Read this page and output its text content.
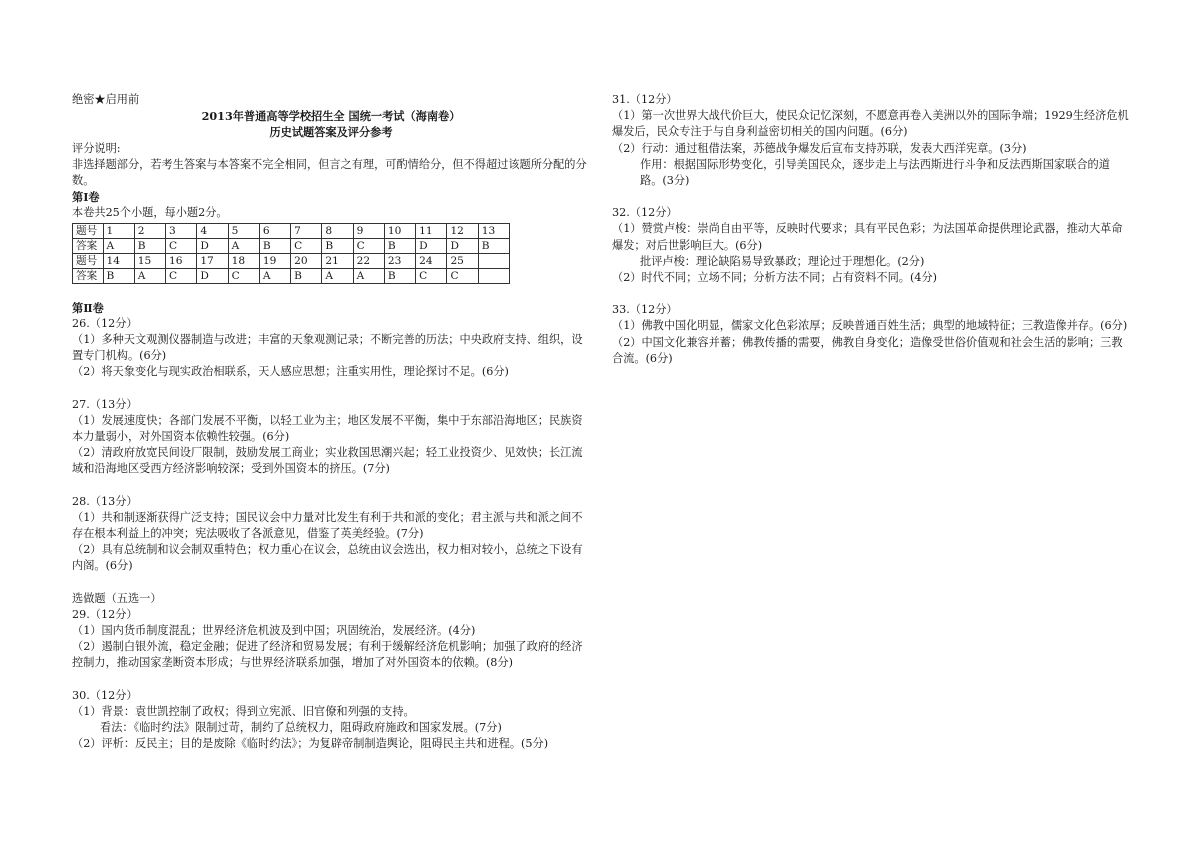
绝密★启用前

2013年普通高等学校招生全 国统一考试（海南卷）

历史试题答案及评分参考

评分说明:

非选择题部分，若考生答案与本答案不完全相同，但言之有理，可酌情给分，但不得超过该题所分配的分数。

第Ⅰ卷

本卷共25个小题，每小题2分。

题号	1	2	3	4	5	6	7	8	9	10	11	12	13
答案	A	B	C	D	A	B	C	B	C	B	D	D	B
题号	14	15	16	17	18	19	20	21	22	23	24	25	
答案	B	A	C	D	C	A	B	A	A	B	C	C	

第Ⅱ卷

26.（12分）

（1）多种天文观测仪器制造与改进；丰富的天象观测记录；不断完善的历法；中央政府支持、组织，设置专门机构。(6分)

（2）将天象变化与现实政治相联系，天人感应思想；注重实用性，理论探讨不足。(6分)

27.（13分）

（1）发展速度快；各部门发展不平衡，以轻工业为主；地区发展不平衡，集中于东部沿海地区；民族资本力量弱小，对外国资本依赖性较强。(6分)

（2）清政府放宽民间设厂限制，鼓励发展工商业；实业救国思潮兴起；轻工业投资少、见效快；长江流域和沿海地区受西方经济影响较深；受到外国资本的挤压。(7分)

28.（13分）

（1）共和制逐渐获得广泛支持；国民议会中力量对比发生有利于共和派的变化；君主派与共和派之间不存在根本利益上的冲突；宪法吸收了各派意见，借鉴了英美经验。(7分)

（2）具有总统制和议会制双重特色；权力重心在议会，总统由议会选出，权力相对较小，总统之下设有内阁。(6分)

选做题（五选一）

29.（12分）

（1）国内货币制度混乱；世界经济危机波及到中国；巩固统治，发展经济。(4分)

（2）遏制白银外流，稳定金融；促进了经济和贸易发展；有利于缓解经济危机影响；加强了政府的经济控制力，推动国家垄断资本形成；与世界经济联系加强，增加了对外国资本的依赖。(8分)

30.（12分）

（1）背景：袁世凯控制了政权；得到立宪派、旧官僚和列强的支持。

看法：《临时约法》限制过苛，制约了总统权力，阻碍政府施政和国家发展。(7分)

（2）评析：反民主；目的是废除《临时约法》；为复辟帝制制造舆论，阻碍民主共和进程。(5分)

31.（12分）

（1）第一次世界大战代价巨大，使民众记忆深刻，不愿意再卷入美洲以外的国际争端；1929生经济危机爆发后，民众专注于与自身利益密切相关的国内问题。(6分)

（2）行动：通过租借法案，苏德战争爆发后宣布支持苏联，发表大西洋宪章。(3分)

作用：根据国际形势变化，引导美国民众，逐步走上与法西斯进行斗争和反法西斯国家联合的道路。(3分)

32.（12分）

（1）赞赏卢梭：崇尚自由平等，反映时代要求；具有平民色彩；为法国革命提供理论武器，推动大革命爆发；对后世影响巨大。(6分)

批评卢梭：理论缺陷易导致暴政；理论过于理想化。(2分)

（2）时代不同；立场不同；分析方法不同；占有资料不同。(4分)

33.（12分）

（1）佛教中国化明显，儒家文化色彩浓厚；反映普通百姓生活；典型的地域特征；三教造像并存。(6分)

（2）中国文化兼容并蓄；佛教传播的需要，佛教自身变化；造像受世俗价值观和社会生活的影响；三教合流。(6分)
